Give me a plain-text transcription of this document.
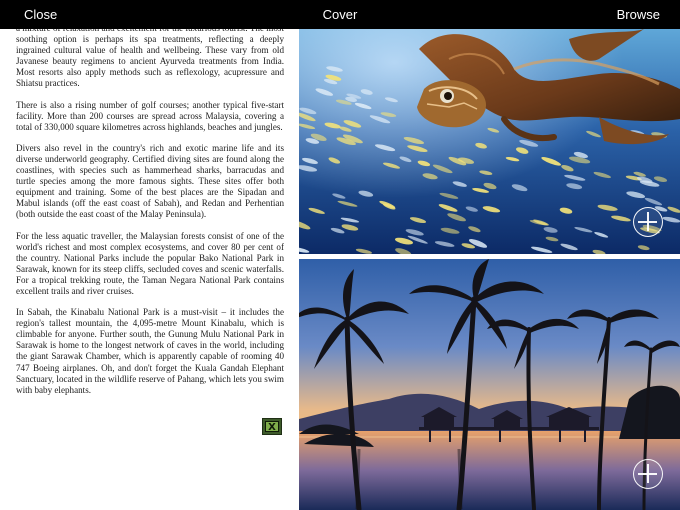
Close	Cover	Browse

soothing option is perhaps its spa treatments, reflecting a deeply ingrained cultural value of health and wellbeing. These vary from old Javanese beauty regimens to ancient Ayurveda treatments from India. Most resorts also apply methods such as reflexology, acupressure and Shiatsu practices.

There is also a rising number of golf courses; another typical five-start facility. More than 200 courses are spread across Malaysia, covering a total of 330,000 square kilometres across highlands, beaches and jungles.

Divers also revel in the country's rich and exotic marine life and its diverse underworld geography. Certified diving sites are found along the coastlines, with species such as hammerhead sharks, barracudas and turtle species among the more famous sights. These sites offer both equipment and training. Some of the best places are the Sipadan and Mabul islands (off the east coast of Sabah), and Redan and Perhentian (both outside the east coast of the Malay Peninsula).

For the less aquatic traveller, the Malaysian forests consist of one of the world's richest and most complex ecosystems, and cover 80 per cent of the country. National Parks include the popular Bako National Park in Sarawak, known for its steep cliffs, secluded coves and scenic waterfalls. For a tropical trekking route, the Taman Negara National Park contains excellent trails and river cruises.

In Sabah, the Kinabalu National Park is a must-visit – it includes the region's tallest mountain, the 4,095-metre Mount Kinabalu, which is climbable for anyone. Further south, the Gunung Mulu National Park in Sarawak is home to the longest network of caves in the world, including the giant Sarawak Chamber, which is apparently capable of rooming 40 747 Boeing airplanes. Oh, and don't forget the Kuala Gandah Elephant Sanctuary, located in the wildlife reserve of Pahang, which lets you swim with baby elephants.

X
